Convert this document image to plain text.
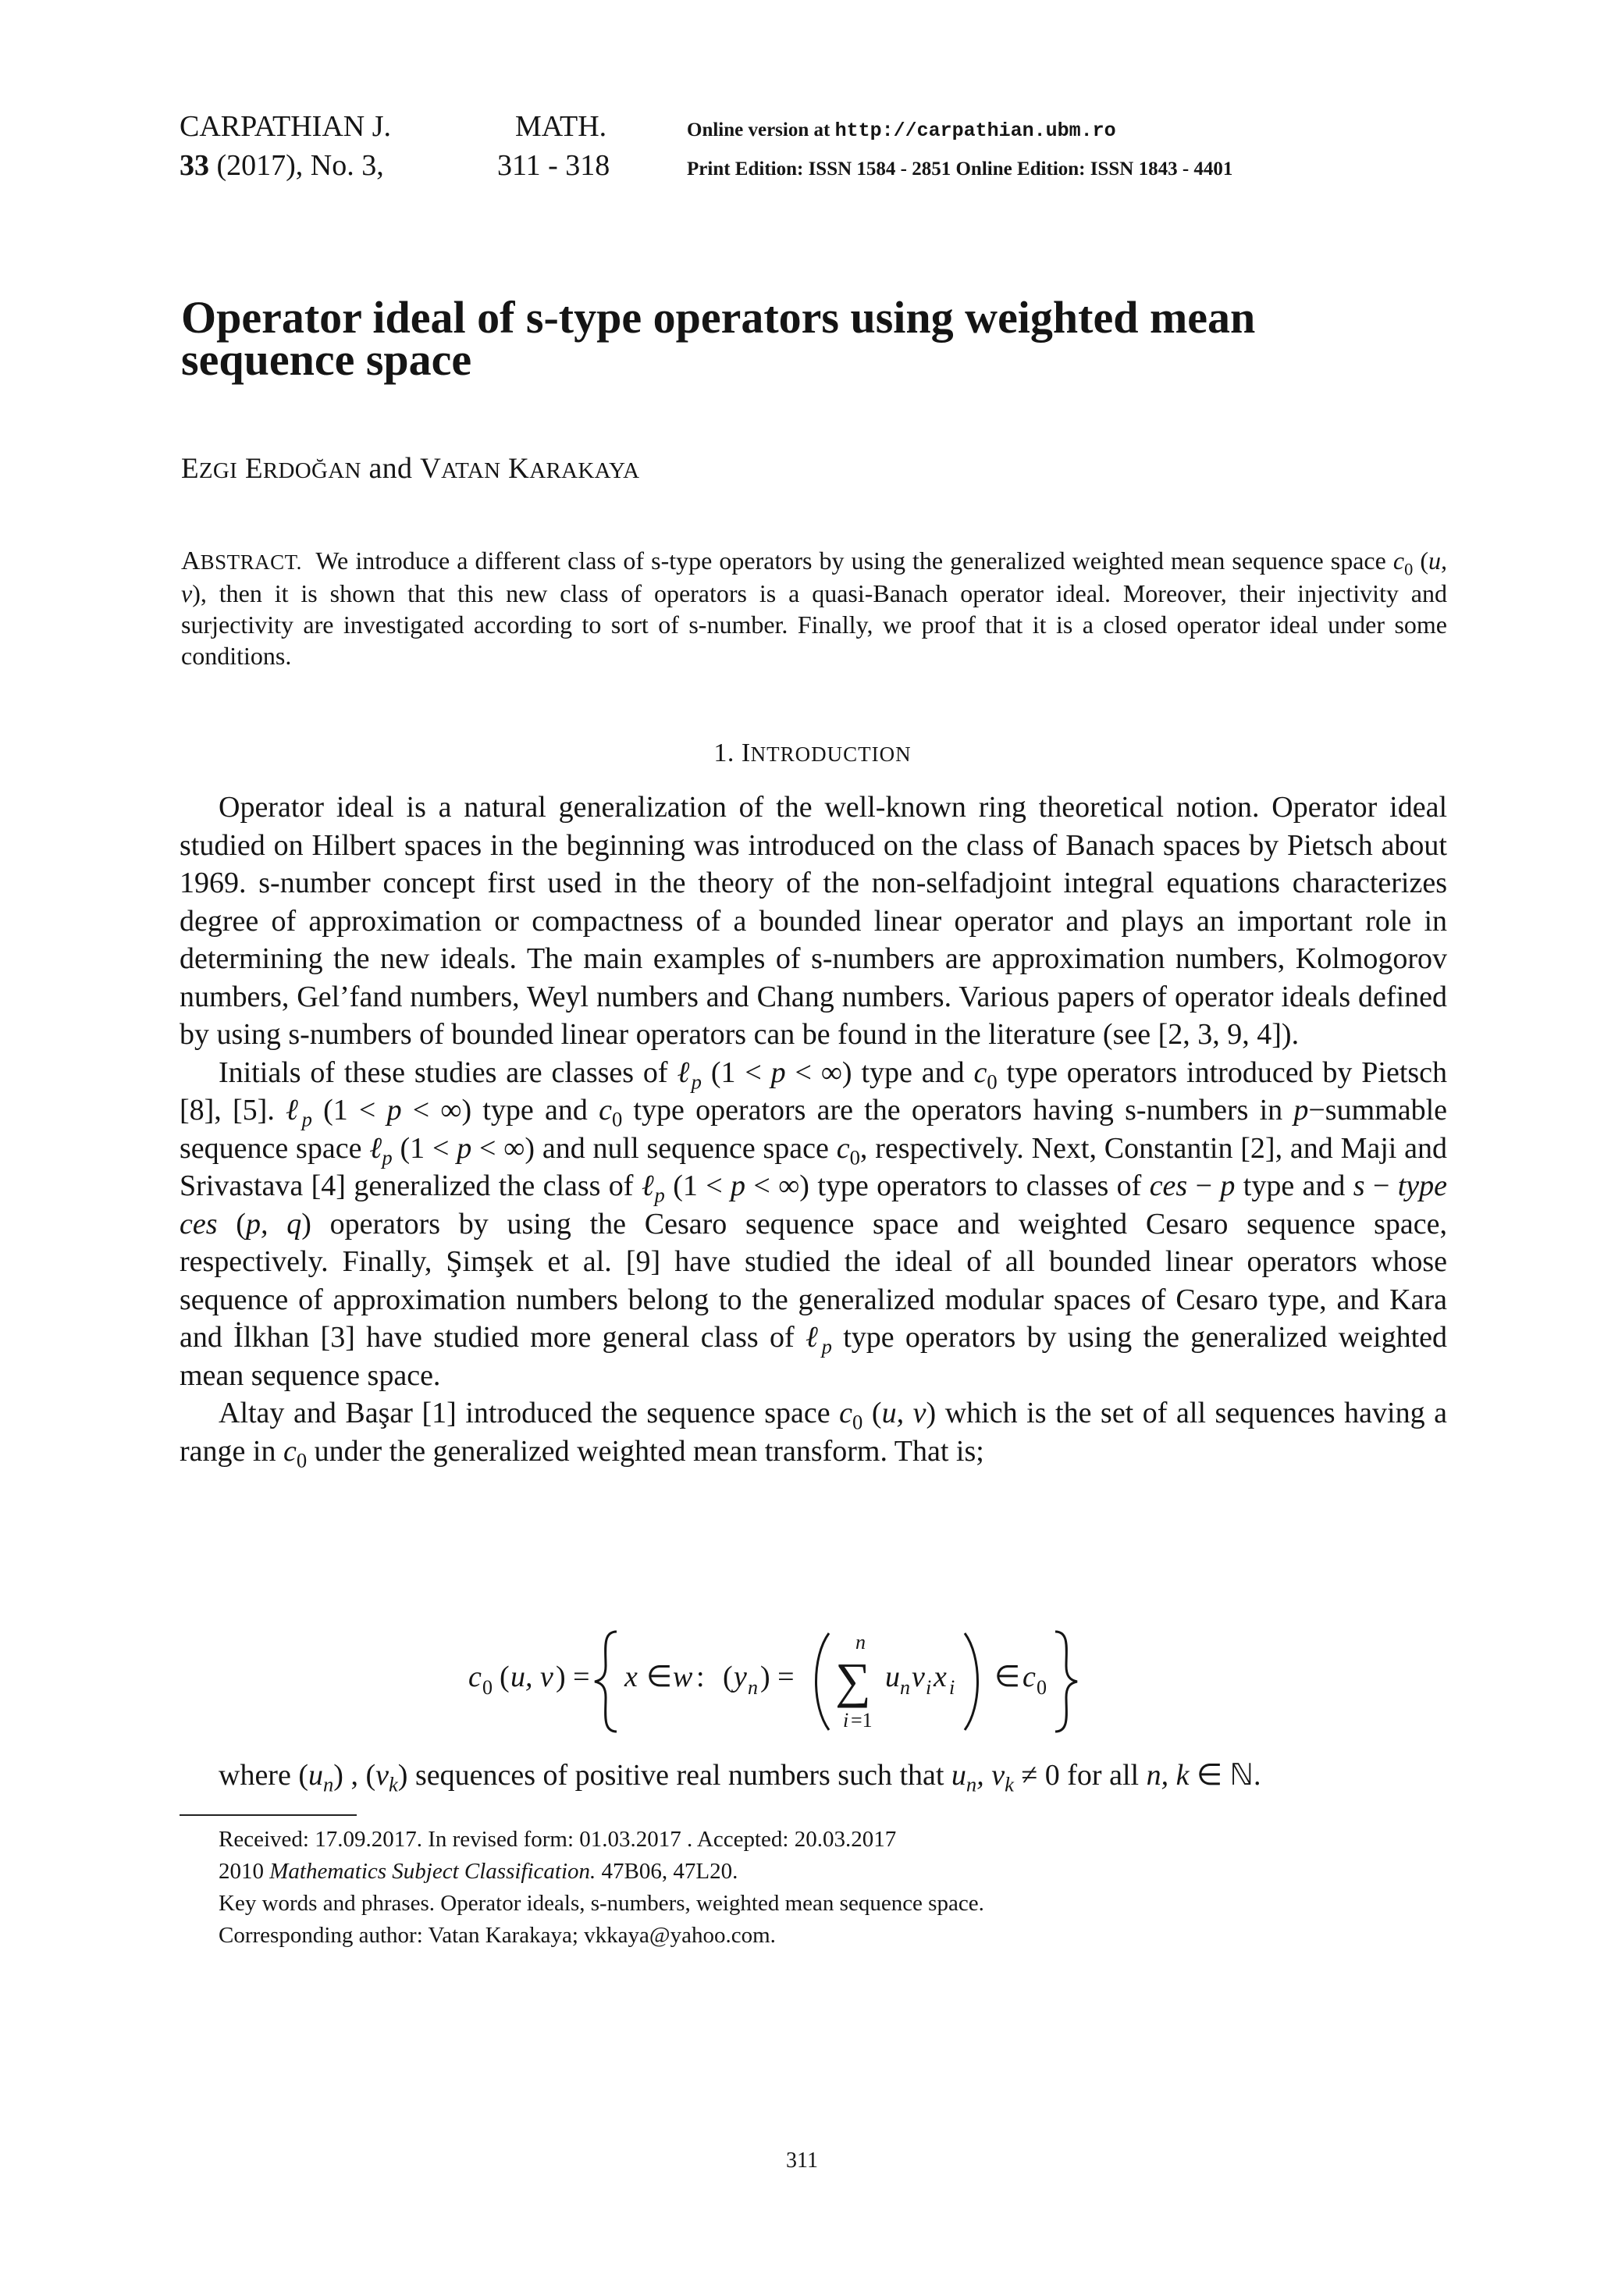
CARPATHIAN J.	MATH.
33 (2017), No. 3,	311 - 318
Online version at http://carpathian.ubm.ro
Print Edition: ISSN 1584 - 2851 Online Edition: ISSN 1843 - 4401
Operator ideal of s-type operators using weighted mean
sequence space
EZGI ERDOĞAN and VATAN KARAKAYA
ABSTRACT. We introduce a different class of s-type operators by using the generalized weighted mean sequence space $c_0$ (u, v), then it is shown that this new class of operators is a quasi-Banach operator ideal. Moreover, their injectivity and surjectivity are investigated according to sort of s-number. Finally, we proof that it is a closed operator ideal under some conditions.
1. INTRODUCTION

Operator ideal is a natural generalization of the well-known ring theoretical notion. Operator ideal studied on Hilbert spaces in the beginning was introduced on the class of Banach spaces by Pietsch about 1969. s-number concept first used in the theory of the non-selfadjoint integral equations characterizes degree of approximation or compactness of a bounded linear operator and plays an important role in determining the new ideals. The main examples of s-numbers are approximation numbers, Kolmogorov numbers, Gel’fand numbers, Weyl numbers and Chang numbers. Various papers of operator ideals defined by using s-numbers of bounded linear operators can be found in the literature (see [2, 3, 9, 4]).

Initials of these studies are classes of ℓ$_p$ (1 < p < ∞) type and $c_0$ type operators introduced by Pietsch [8], [5]. ℓ$_p$ (1 < p < ∞) type and $c_0$ type operators are the operators having s-numbers in p−summable sequence space ℓ$_p$ (1 < p < ∞) and null sequence space $c_0$, respectively. Next, Constantin [2], and Maji and Srivastava [4] generalized the class of ℓ$_p$ (1 < p < ∞) type operators to classes of ces − p type and s − type ces (p, q) operators by using the Cesaro sequence space and weighted Cesaro sequence space, respectively. Finally, Şimşek et al. [9] have studied the ideal of all bounded linear operators whose sequence of approximation numbers belong to the generalized modular spaces of Cesaro type, and Kara and İlkhan [3] have studied more general class of ℓ$_p$ type operators by using the generalized weighted mean sequence space.

Altay and Başar [1] introduced the sequence space $c_0$ (u, v) which is the set of all sequences having a range in $c_0$ under the generalized weighted mean transform. That is;

c 0 ( u, v ) = x ∈ w : ( y n ) =
n
∑
i =1
u n v i x i ∈ c 0
where $(u_n)$ , $(v_k)$ sequences of positive real numbers such that $u_n$, $v_k \ne 0$ for all n, k ∈ ℕ.
Received: 17.09.2017. In revised form: 01.03.2017 . Accepted: 20.03.2017
2010 Mathematics Subject Classification. 47B06, 47L20.
Key words and phrases. Operator ideals, s-numbers, weighted mean sequence space.
Corresponding author: Vatan Karakaya; vkkaya@yahoo.com.
311
